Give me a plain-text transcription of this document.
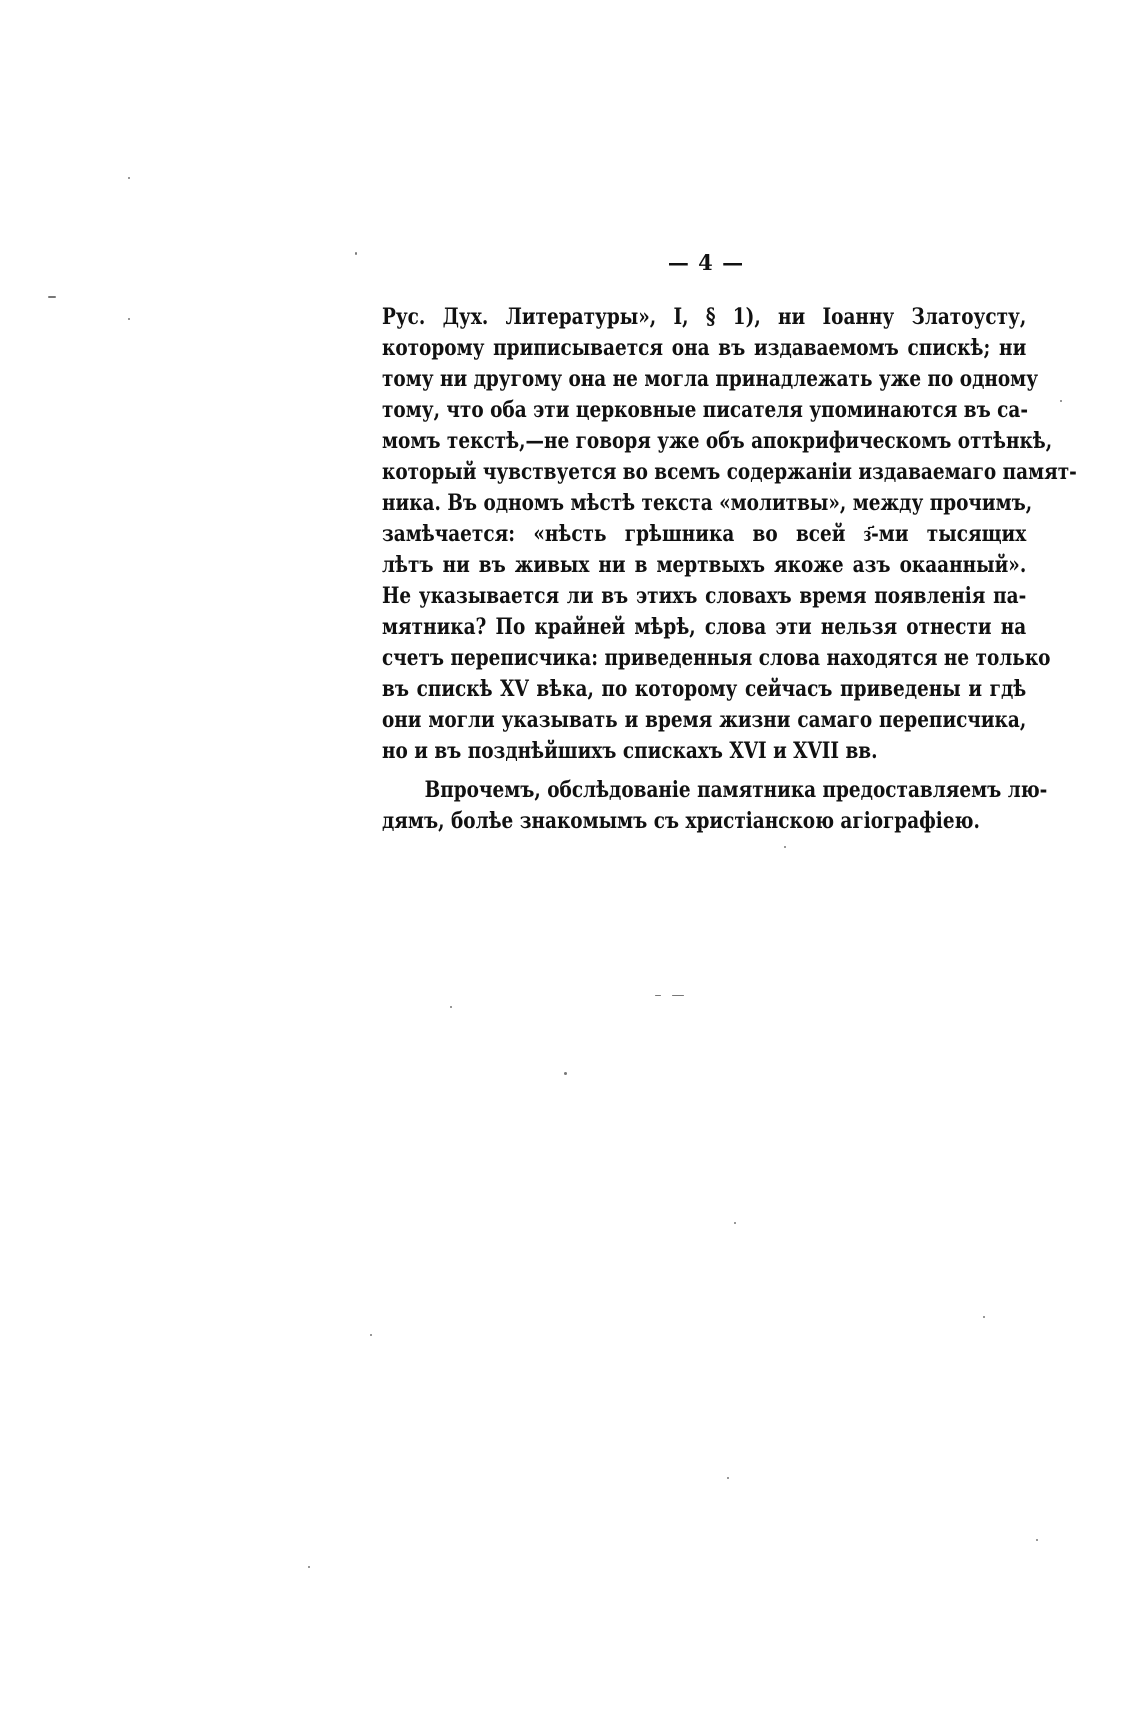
— 4 —
Рус. Дух. Литературы», I, § 1), ни Іоанну Златоусту,
которому приписывается она въ издаваемомъ спискѣ; ни
тому ни другому она не могла принадлежать уже по одному
тому, что оба эти церковные писателя упоминаются въ са-
момъ текстѣ,—не говоря уже объ апокрифическомъ оттѣнкѣ,
который чувствуется во всемъ содержаніи издаваемаго памят-
ника. Въ одномъ мѣстѣ текста «молитвы», между прочимъ,
замѣчается: «нѣсть грѣшника во всей з҃-ми тысящих
лѣтъ ни въ живых ни в мертвыхъ якоже азъ окаанный».
Не указывается ли въ этихъ словахъ время появленія па-
мятника? По крайней мѣрѣ, слова эти нельзя отнести на
счетъ переписчика: приведенныя слова находятся не только
въ спискѣ XV вѣка, по которому сейчасъ приведены и гдѣ
они могли указывать и время жизни самаго переписчика,
но и въ позднѣйшихъ спискахъ XVI и XVII вв.
Впрочемъ, обслѣдованіе памятника предоставляемъ лю-
дямъ, болѣе знакомымъ съ христіанскою агіографіею.
